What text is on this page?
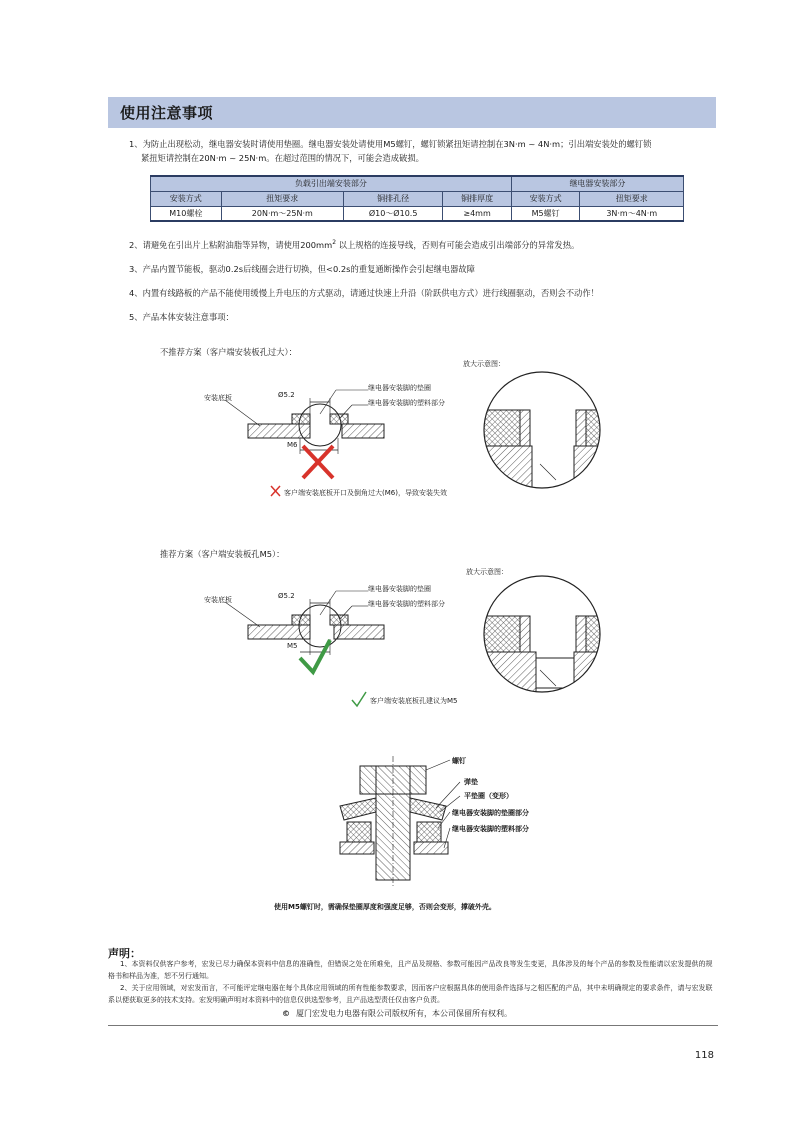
使用注意事项
1、为防止出现松动，继电器安装时请使用垫圈。继电器安装处请使用M5螺钉，螺钉锁紧扭矩请控制在3N·m ~ 4N·m；引出端安装处的螺钉锁
紧扭矩请控制在20N·m ~ 25N·m。在超过范围的情况下，可能会造成破损。
负载引出端安装部分				继电器安装部分	
安装方式	扭矩要求	铜排孔径	铜排厚度	安装方式	扭矩要求
M10螺栓	20N·m～25N·m	Ø10～Ø10.5	≥4mm	M5螺钉	3N·m～4N·m
2、请避免在引出片上粘附油脂等异物，请使用$200mm^2$ 以上规格的连接导线，否则有可能会造成引出端部分的异常发热。
3、产品内置节能板，驱动0.2s后线圈会进行切换，但<0.2s的重复通断操作会引起继电器故障
4、内置有线路板的产品不能使用缓慢上升电压的方式驱动，请通过快速上升沿（阶跃供电方式）进行线圈驱动，否则会不动作！
5、产品本体安装注意事项：
不推荐方案（客户端安装板孔过大）：
放大示意图：
安装底板	Ø5.2
M6
继电器安装脚的垫圈
继电器安装脚的塑料部分
客户端安装底板开口及倒角过大(M6)，导致安装失效
推荐方案（客户端安装板孔M5）：
放大示意图：
安装底板	Ø5.2
M5
继电器安装脚的垫圈
继电器安装脚的塑料部分
客户端安装底板孔建议为M5
螺钉
弹垫
平垫圈（变形）
继电器安装脚的垫圈部分
继电器安装脚的塑料部分
使用M5螺钉时，需确保垫圈厚度和强度足够，否则会变形，撑破外壳。
声明：
1、本资料仅供客户参考，宏发已尽力确保本资料中信息的准确性，但错误之处在所难免，且产品及规格、参数可能因产品改良等发生变更，具体涉及的每个产品的参数及性能请以宏发提供的规格书和样品为准，恕不另行通知。
2、关于应用领域，对宏发而言，不可能评定继电器在每个具体应用领域的所有性能参数要求，因而客户应根据具体的使用条件选择与之相匹配的产品，其中未明确规定的要求条件，请与宏发联系以便获取更多的技术支持。宏发明确声明对本资料中的信息仅供选型参考，且产品选型责任仅由客户负责。
© 厦门宏发电力电器有限公司版权所有，本公司保留所有权利。
118
